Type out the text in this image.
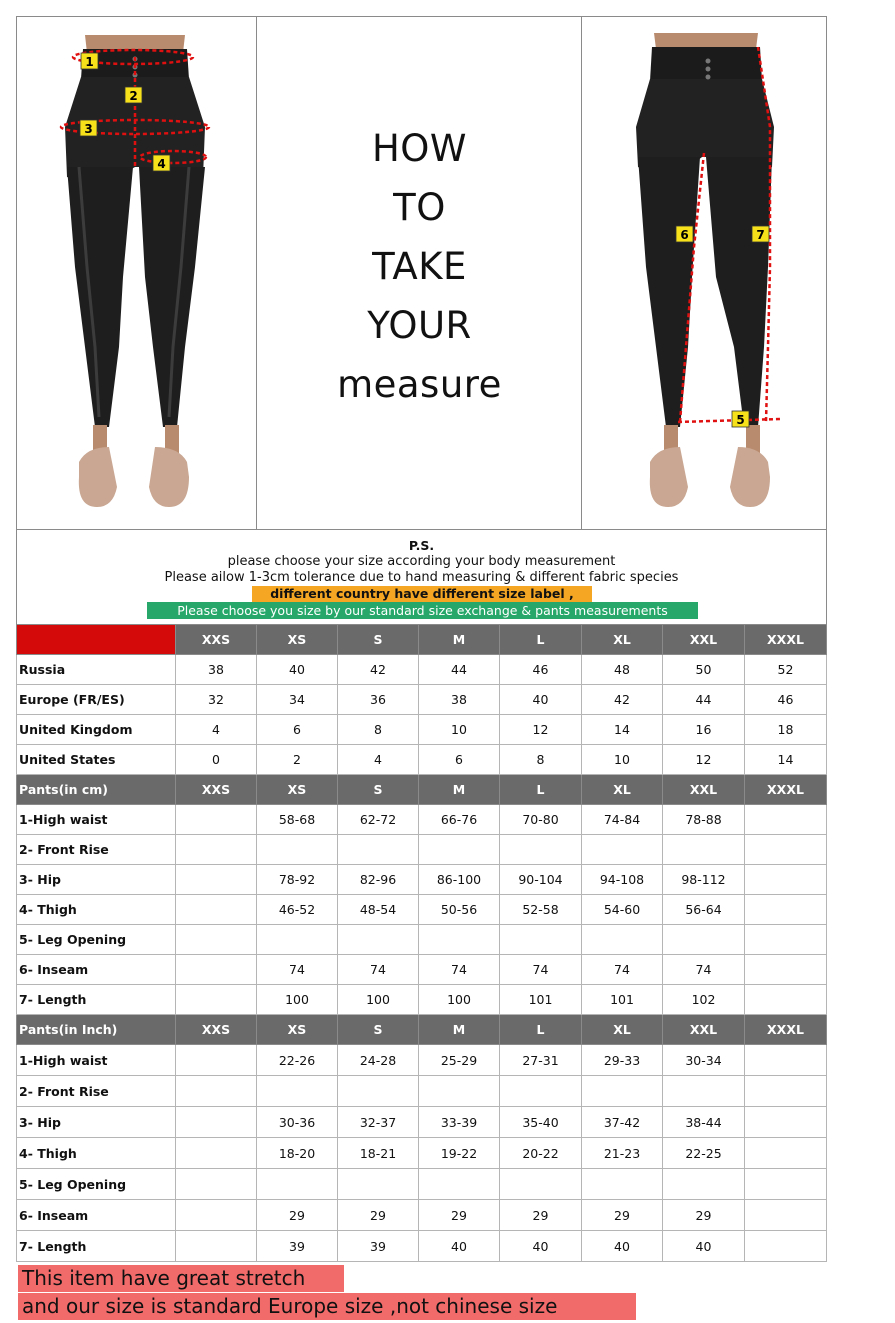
1
2
3
4	HOW
TO
TAKE
YOUR
measure
6	7
5
P.S.
please choose your size according your body measurement
Please ailow 1-3cm tolerance due to hand measuring & different fabric species
different country have different size label ,
Please choose you size by our standard size exchange & pants measurements
	XXS	XS	S	M	L	XL	XXL	XXXL
Russia	38	40	42	44	46	48	50	52
Europe (FR/ES)	32	34	36	38	40	42	44	46
United Kingdom	4	6	8	10	12	14	16	18
United States	0	2	4	6	8	10	12	14
Pants(in cm)	XXS	XS	S	M	L	XL	XXL	XXXL
1-High waist		58-68	62-72	66-76	70-80	74-84	78-88	
2- Front Rise								
3- Hip		78-92	82-96	86-100	90-104	94-108	98-112	
4- Thigh		46-52	48-54	50-56	52-58	54-60	56-64	
5- Leg Opening								
6- Inseam		74	74	74	74	74	74	
7- Length		100	100	100	101	101	102	
Pants(in Inch)	XXS	XS	S	M	L	XL	XXL	XXXL
1-High waist		22-26	24-28	25-29	27-31	29-33	30-34	
2- Front Rise								
3- Hip		30-36	32-37	33-39	35-40	37-42	38-44	
4- Thigh		18-20	18-21	19-22	20-22	21-23	22-25	
5- Leg Opening								
6- Inseam		29	29	29	29	29	29	
7- Length		39	39	40	40	40	40	
This item have great stretch
and our size is standard Europe size ,not chinese size
